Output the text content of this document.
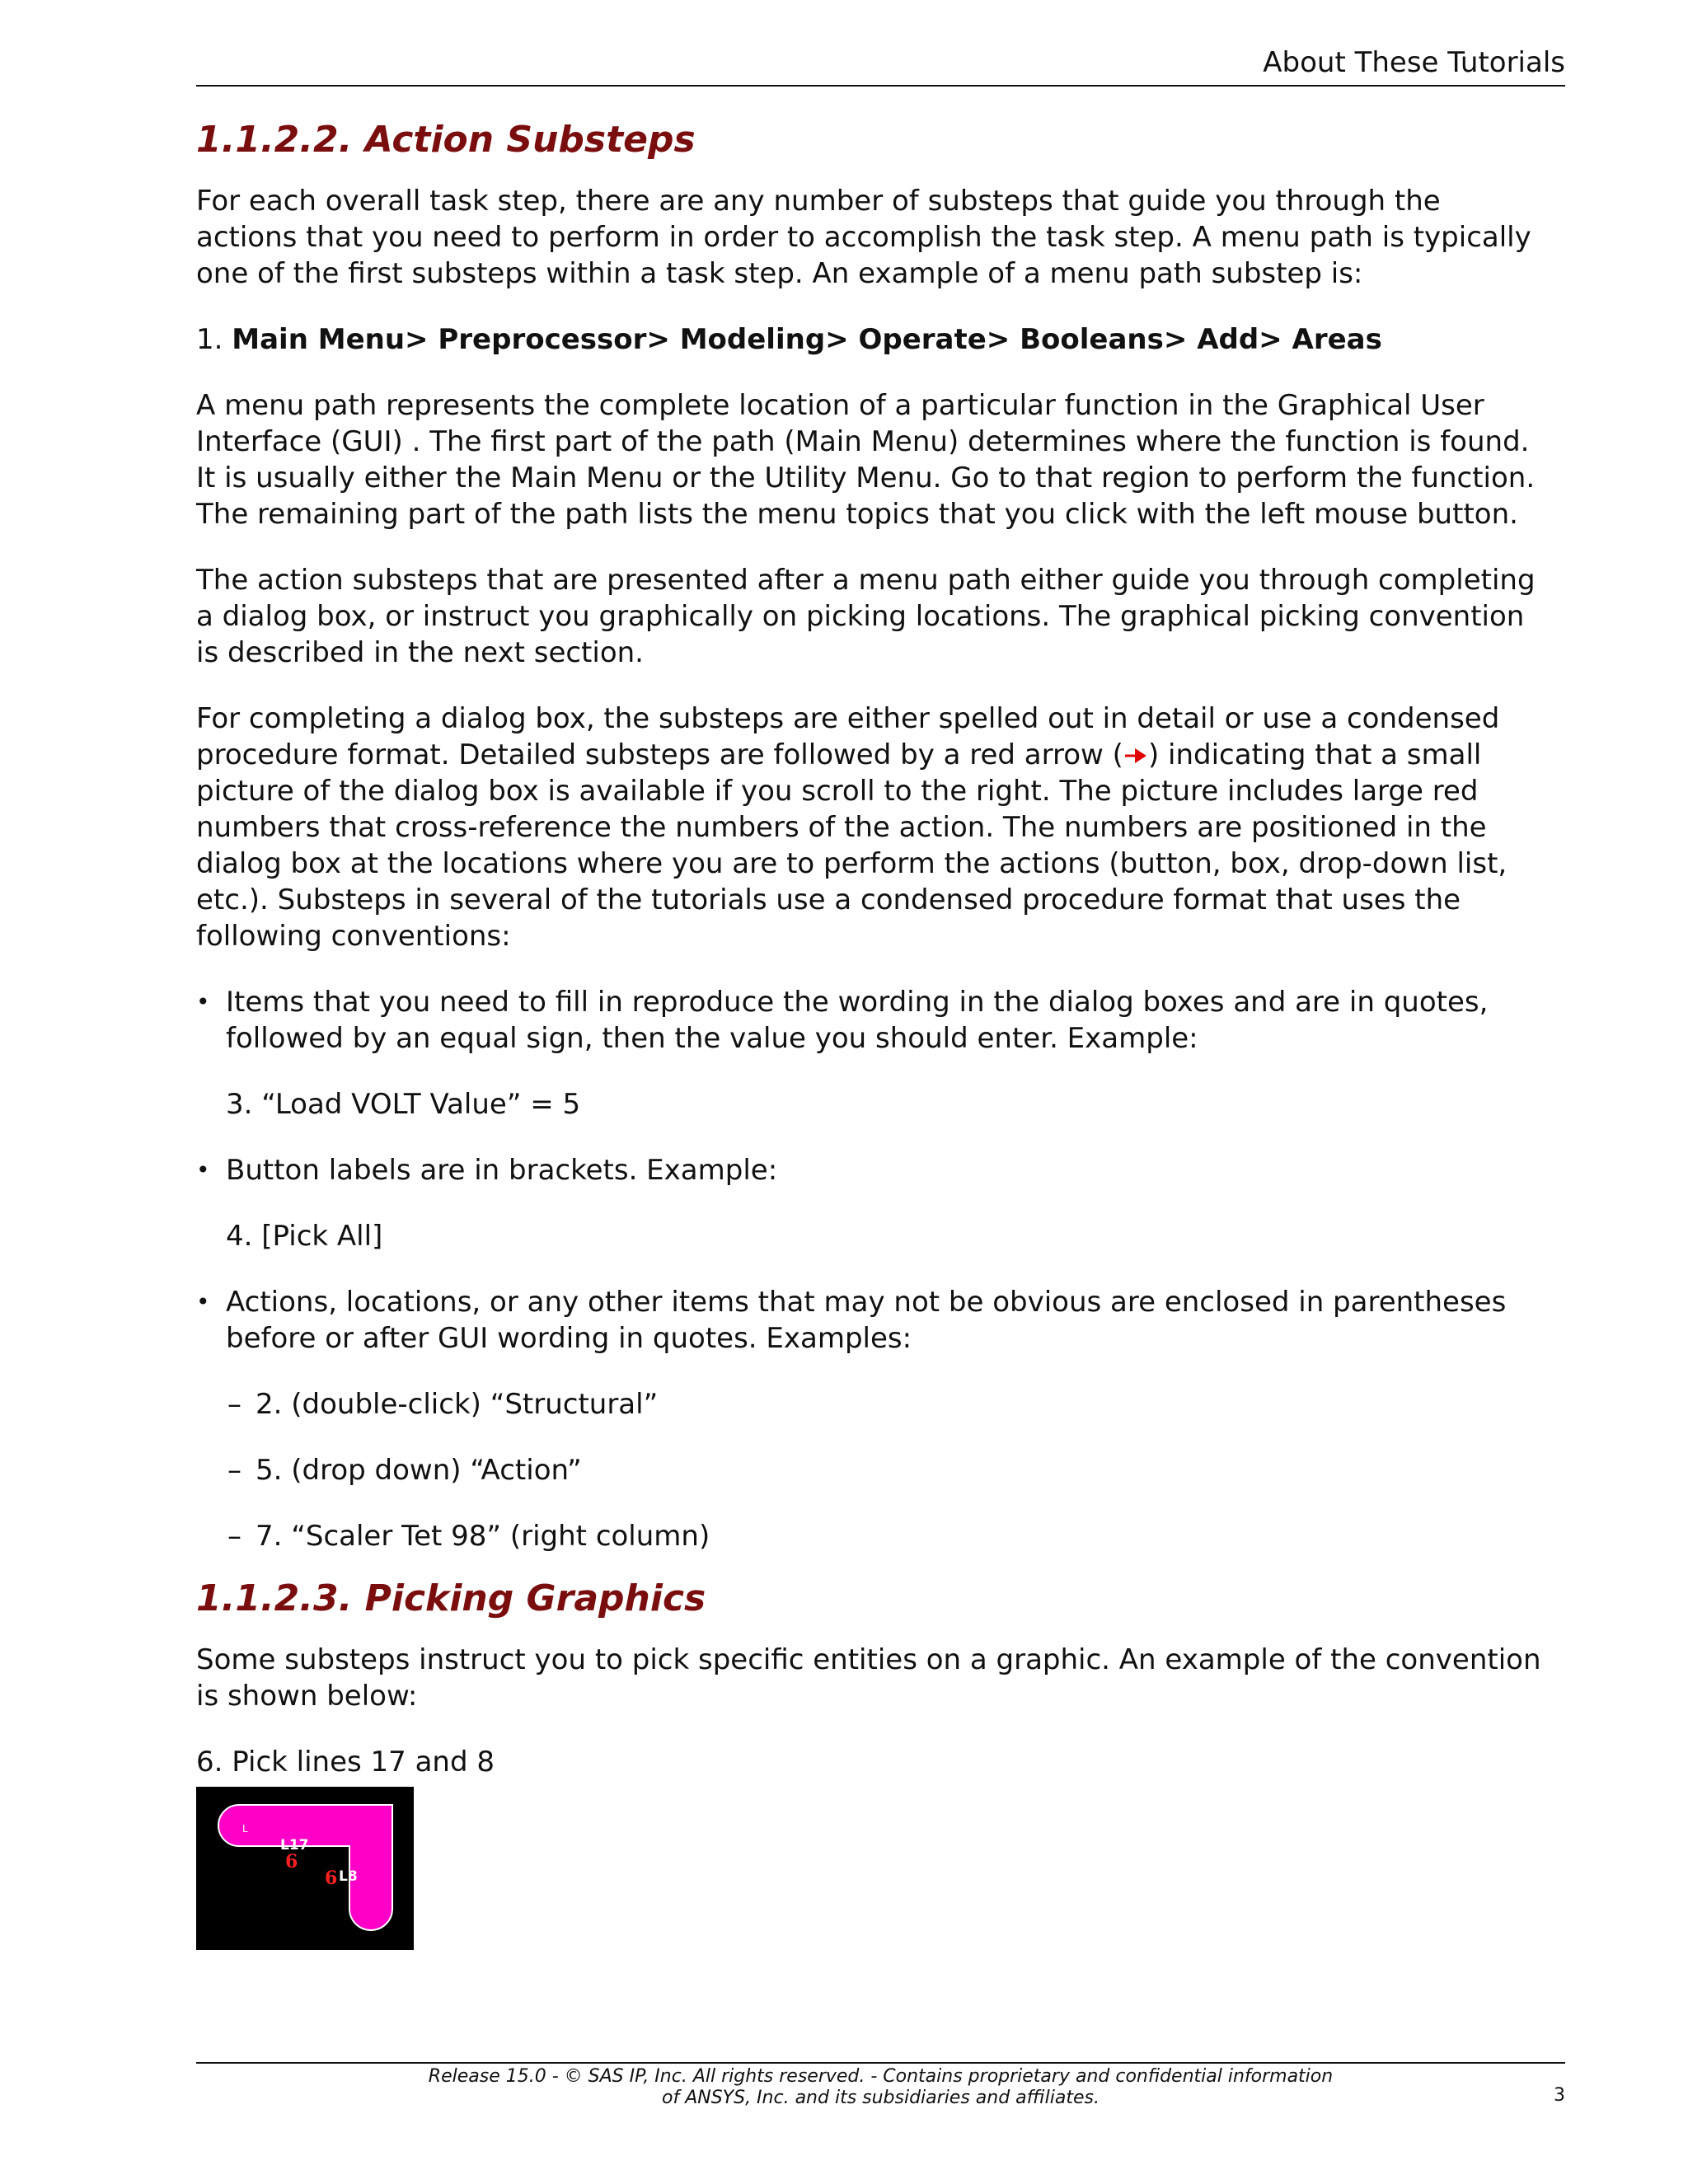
About These Tutorials
1.1.2.2. Action Substeps

For each overall task step, there are any number of substeps that guide you through the actions that you need to perform in order to accomplish the task step. A menu path is typically one of the first substeps within a task step. An example of a menu path substep is:

1. Main Menu> Preprocessor> Modeling> Operate> Booleans> Add> Areas

A menu path represents the complete location of a particular function in the Graphical User Interface (GUI) . The first part of the path (Main Menu) determines where the function is found. It is usually either the Main Menu or the Utility Menu. Go to that region to perform the function. The remaining part of the path lists the menu topics that you click with the left mouse button.

The action substeps that are presented after a menu path either guide you through completing a dialog box, or instruct you graphically on picking locations. The graphical picking convention is described in the next section.

For completing a dialog box, the substeps are either spelled out in detail or use a condensed procedure format. Detailed substeps are followed by a red arrow ( ) indicating that a small picture of the dialog box is available if you scroll to the right. The picture includes large red numbers that cross-reference the numbers of the action. The numbers are positioned in the dialog box at the locations where you are to perform the actions (button, box, drop-down list, etc.). Substeps in several of the tutorials use a condensed procedure format that uses the following conventions:

• Items that you need to fill in reproduce the wording in the dialog boxes and are in quotes, followed by an equal sign, then the value you should enter. Example:

3. “Load VOLT Value” = 5

• Button labels are in brackets. Example:

4. [Pick All]

• Actions, locations, or any other items that may not be obvious are enclosed in parentheses before or after GUI wording in quotes. Examples:

– 2. (double-click) “Structural”

– 5. (drop down) “Action”

– 7. “Scaler Tet 98” (right column)

1.1.2.3. Picking Graphics

Some substeps instruct you to pick specific entities on a graphic. An example of the convention is shown below:

6. Pick lines 17 and 8

L
L17
L8
6
6
Release 15.0 - © SAS IP, Inc. All rights reserved. - Contains proprietary and confidential information
of ANSYS, Inc. and its subsidiaries and affiliates.	3
